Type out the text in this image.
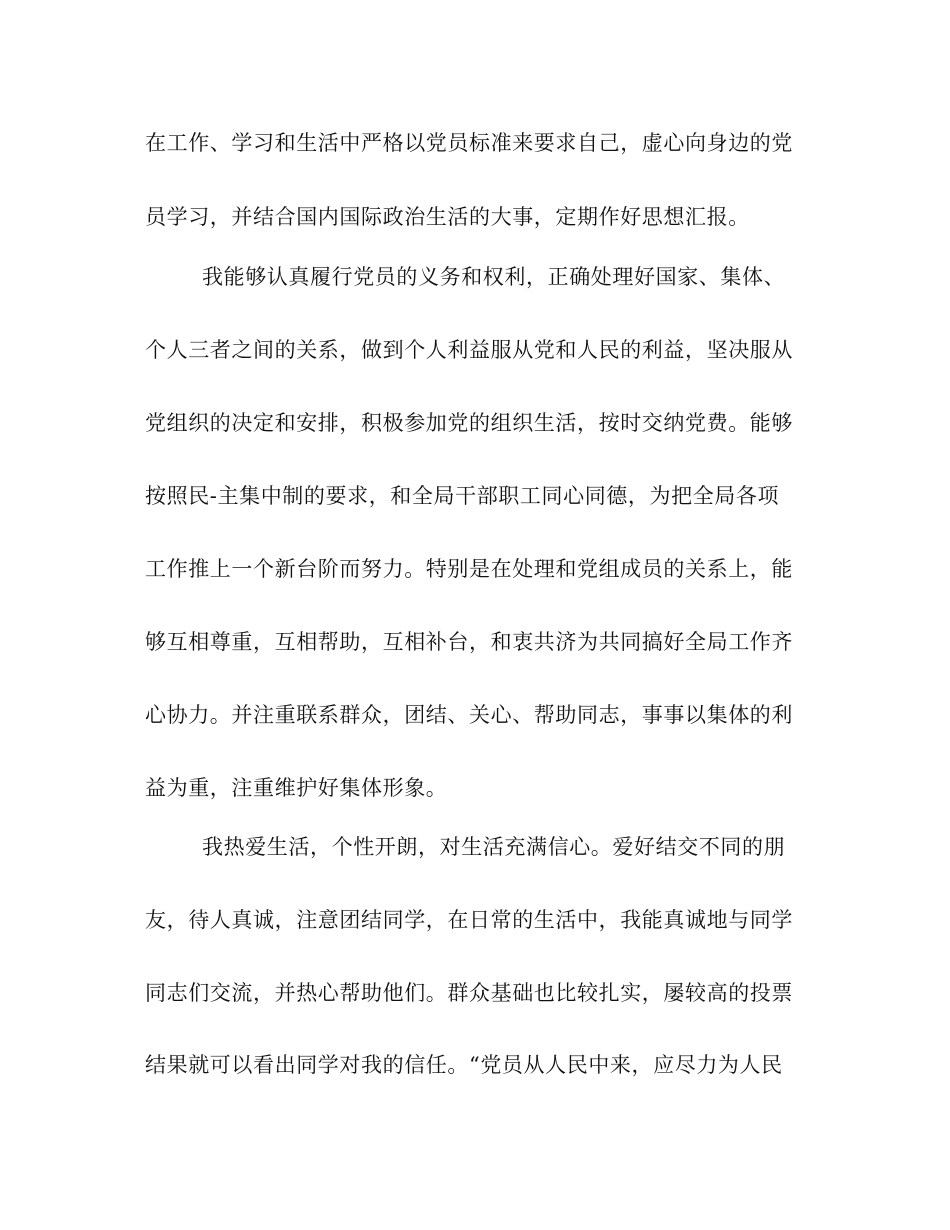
在工作、学习和生活中严格以党员标准来要求自己，虚心向身边的党
员学习，并结合国内国际政治生活的大事，定期作好思想汇报。
我能够认真履行党员的义务和权利，正确处理好国家、集体、
个人三者之间的关系，做到个人利益服从党和人民的利益，坚决服从
党组织的决定和安排，积极参加党的组织生活，按时交纳党费。能够
按照民-主集中制的要求，和全局干部职工同心同德，为把全局各项
工作推上一个新台阶而努力。特别是在处理和党组成员的关系上，能
够互相尊重，互相帮助，互相补台，和衷共济为共同搞好全局工作齐
心协力。并注重联系群众，团结、关心、帮助同志，事事以集体的利
益为重，注重维护好集体形象。
我热爱生活，个性开朗，对生活充满信心。爱好结交不同的朋
友，待人真诚，注意团结同学，在日常的生活中，我能真诚地与同学
同志们交流，并热心帮助他们。群众基础也比较扎实，屡较高的投票
结果就可以看出同学对我的信任。“党员从人民中来，应尽力为人民
